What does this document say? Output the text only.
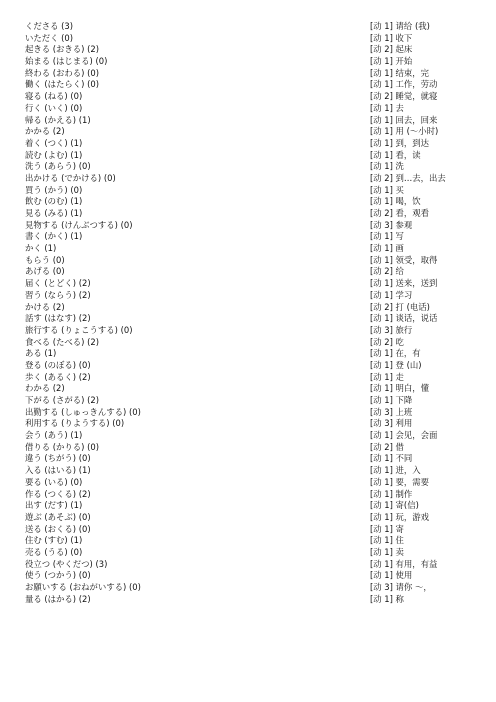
くださる (3)	[动 1] 请给 (我)
いただく (0)	[动 1] 收下
起きる (おきる) (2)	[动 2] 起床
始まる (はじまる) (0)	[动 1] 开始
終わる (おわる) (0)	[动 1] 结束，完
働く (はたらく) (0)	[动 1] 工作，劳动
寝る (ねる) (0)	[动 2] 睡觉，就寝
行く (いく) (0)	[动 1] 去
帰る (かえる) (1)	[动 1] 回去，回来
かかる (2)	[动 1] 用 (～小时)
着く (つく) (1)	[动 1] 到，到达
読む (よむ) (1)	[动 1] 看，读
洗う (あらう) (0)	[动 1] 洗
出かける (でかける) (0)	[动 2] 到…去，出去
買う (かう) (0)	[动 1] 买
飲む (のむ) (1)	[动 1] 喝，饮
見る (みる) (1)	[动 2] 看，观看
見物する (けんぶつする) (0)	[动 3] 参观
書く (かく) (1)	[动 1] 写
かく (1)	[动 1] 画
もらう (0)	[动 1] 领受，取得
あげる (0)	[动 2] 给
届く (とどく) (2)	[动 1] 送来，送到
習う (ならう) (2)	[动 1] 学习
かける (2)	[动 2] 打 (电话)
話す (はなす) (2)	[动 1] 谈话，说话
旅行する (りょこうする) (0)	[动 3] 旅行
食べる (たべる) (2)	[动 2] 吃
ある (1)	[动 1] 在，有
登る (のぼる) (0)	[动 1] 登 (山)
歩く (あるく) (2)	[动 1] 走
わかる (2)	[动 1] 明白，懂
下がる (さがる) (2)	[动 1] 下降
出勤する (しゅっきんする) (0)	[动 3] 上班
利用する (りようする) (0)	[动 3] 利用
会う (あう) (1)	[动 1] 会见，会面
借りる (かりる) (0)	[动 2] 借
違う (ちがう) (0)	[动 1] 不同
入る (はいる) (1)	[动 1] 进，入
要る (いる) (0)	[动 1] 要，需要
作る (つくる) (2)	[动 1] 制作
出す (だす) (1)	[动 1] 寄(信)
遊ぶ (あそぶ) (0)	[动 1] 玩，游戏
送る (おくる) (0)	[动 1] 寄
住む (すむ) (1)	[动 1] 住
売る (うる) (0)	[动 1] 卖
役立つ (やくだつ) (3)	[动 1] 有用，有益
使う (つかう) (0)	[动 1] 使用
お願いする (おねがいする) (0)	[动 3] 请你 ～，
量る (はかる) (2)	[动 1] 称
